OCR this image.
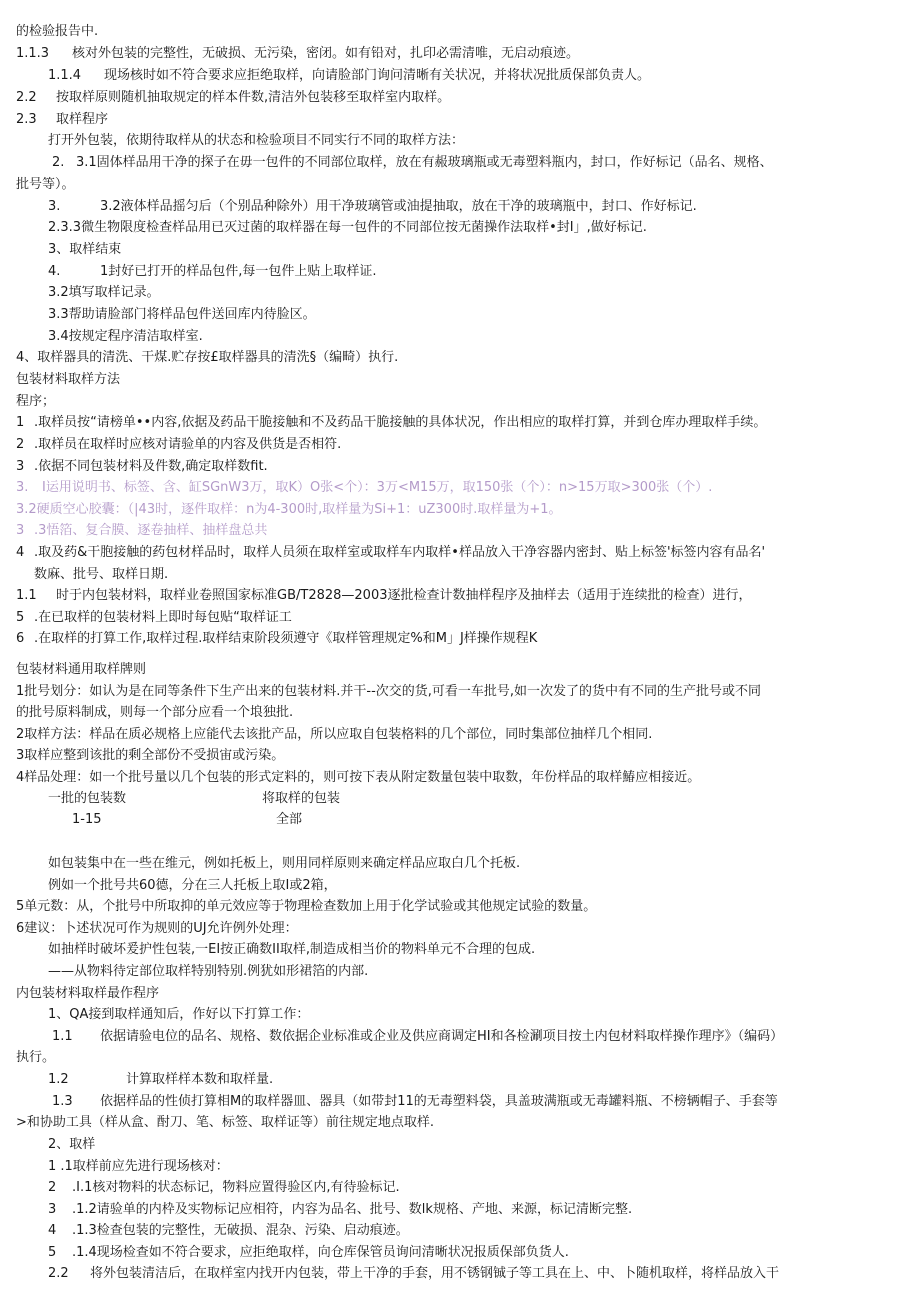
的检验报告中.
1.1.3 核对外包装的完整性，无破损、无污染，密闭。如有铅对，扎印必需清唯，无启动痕迹。
1.1.4 现场核时如不符合要求应拒绝取样，向请脸部门询问清晰有关状况，并将状况批质保部负责人。
2.2 按取样原则随机抽取规定的样本件数,清洁外包装移至取样室内取样。
2.3 取样程序
打开外包装，依期待取样从的状态和检验项目不同实行不同的取样方法：
2. 3.1固体样品用干净的探子在毋一包件的不同部位取样，放在有赧玻璃瓶或无毒塑料瓶内，封口，作好标记（品名、规格、
批号等）。
3.	3.2液体样品摇匀后（个别品种除外）用干净玻璃管或油提抽取，放在干净的玻璃瓶中，封口、作好标记.
2.3.3微生物限度检查样品用已灭过菌的取样器在每一包件的不同部位按无菌操作法取样•封I」,做好标记.
3、取样结束
4.	1封好已打开的样品包件,每一包件上贴上取样证.
3.2填写取样记录。
3.3帮助请脸部门将样品包件送回库内待脸区。
3.4按规定程序清洁取样室.
4、取样器具的清洗、干煤.贮存按£取样器具的清洗§（编畸）执行.
包装材料取样方法
程序；
1 .取样员按“请榜单••内容,依据及药品干脆接触和不及药品干脆接触的具体状况，作出相应的取样打算，并到仓库办理取样手续。
2 .取样员在取样时应核对请验单的内容及供货是否相符.
3 .依据不同包装材料及件数,确定取样数fit.
3. I运用说明书、标签、含、缸SGnW3万，取K）O张<个）：3万<M15万，取150张（个）：n>15万取>300张（个）.
3.2硬质空心胶囊：（|43时，逐件取样：n为4-300时,取样量为Si+1：uZ300时.取样量为+1。
3 .3悟箔、复合膜、逐卷抽样、抽样盘总共
4 .取及药&干胞接触的药包材样品时，取样人员须在取样室或取样车内取样•样品放入干净容器内密封、贴上标签'标签内容有品名'
数麻、批号、取样日期.
1.1 时于内包装材料，取样业卷照国家标准GB/T2828—2003逐批检查计数抽样程序及抽样去（适用于连续批的检查）进行，
5 .在已取样的包装材料上即时每包贴“取样证工
6 .在取样的打算工作,取样过程.取样结束阶段须遵守《取样管理规定%和M」J样操作规程K
包装材料通用取样牌则
1批号划分：如认为是在同等条件下生产出来的包装材料.并干--次交的货,可看一车批号,如一次发了的货中有不同的生产批号或不同
的批号原料制成，则每一个部分应看一个埌独批.
2取样方法：样品在质必规格上应能代去该批产品，所以应取自包装格料的几个部位，同时集部位抽样几个相同.
3取样应整到该批的剩全部份不受损宙或污染。
4样品处理：如一个批号量以几个包装的形式定料的，则可按下表从附定数量包装中取数，年份样品的取样鰆应相接近。
一批的包装数	将取样的包装
1-15	全部
如包装集中在一些在维元，例如托板上，则用同样原则来确定样品应取白几个托板.
例如一个批号共60德，分在三人托板上取I或2箱，
5单元数：从，个批号中所取抑的单元效应等于物理检查数加上用于化学试验或其他规定试验的数量。
6建议：卜述状况可作为规则的UJ允许例外处理：
如抽样时破坏爰护性包装,一EI按正确数II取样,制造成相当价的物料单元不合理的包成.
——从物料待定部位取样特别特别.例犹如形裙箔的内部.
内包装材料取样最作程序
1、QA接到取样通知后，作好以下打算工作：
1.1 依据请验电位的品名、规格、数依据企业标准或企业及供应商调定HI和各检涮项目按土内包材料取样操作理序》（编码）
执行。
1.2	计算取样样本数和取样量.
1.3 依据样品的性侦打算相M的取样器皿、器具（如带封11的无毒塑料袋，具盖玻满瓶或无毒罐料瓶、不榜辆帽子、手套等
>和协助工具（样从盒、酎刀、笔、标签、取样证等）前往规定地点取样.
2、取样
1 .1取样前应先进行现场核对：
2 .I.1核对物料的状态标记，物料应置得验区内,有待验标记.
3 .1.2请验单的内枠及实物标记应相符，内容为品名、批号、数lk规格、产地、来源，标记清断完整.
4 .1.3检查包装的完整性，无破损、混杂、污染、启动痕迹。
5 .1.4现场检查如不符合要求，应拒绝取样，向仓库保管员询问清晰状况报质保部负货人.
2.2 将外包装清洁后，在取样室内找开内包装，带上干净的手套，用不锈钢铖子等工具在上、中、卜随机取样，将样品放入干
